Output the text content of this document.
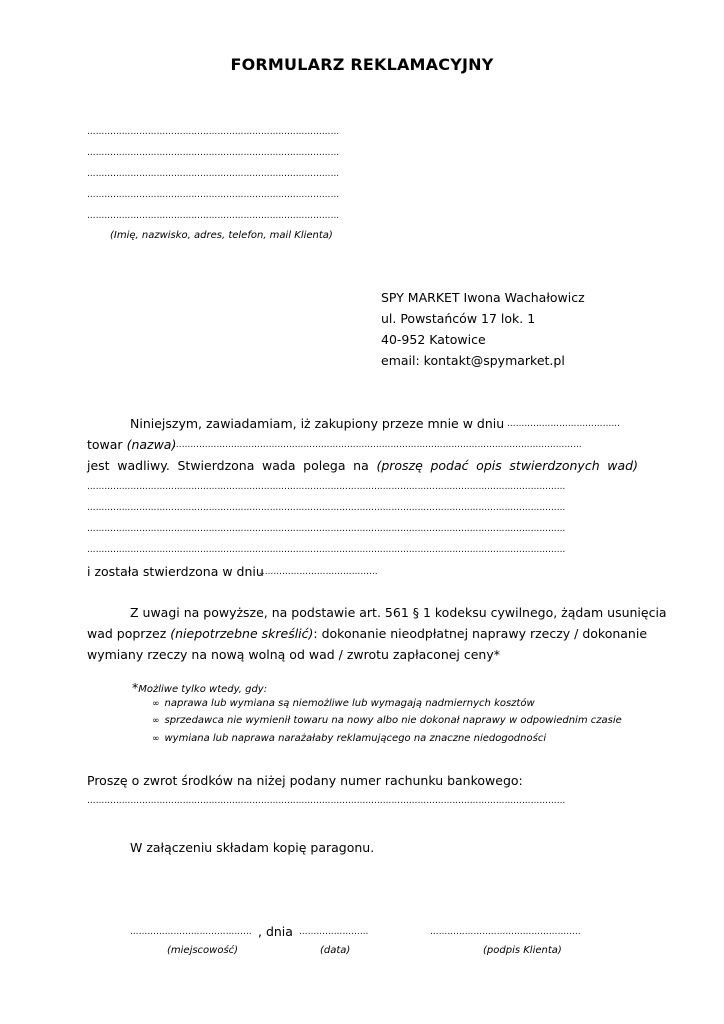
FORMULARZ REKLAMACYJNY
……………………………………………………………………………
……………………………………………………………………………
……………………………………………………………………………
……………………………………………………………………………
……………………………………………………………………………
(Imię, nazwisko, adres, telefon, mail Klienta)
SPY MARKET Iwona Wachałowicz
ul. Powstańców 17 lok. 1
40-952 Katowice
email: kontakt@spymarket.pl
Niniejszym, zawiadamiam, iż zakupiony przeze mnie w dniu …………………………………
towar (nazwa)
……………………………………………………………………………………………………………………………
jest wadliwy. Stwierdzona wada polega na (proszę podać opis stwierdzonych wad)
…………………………………………………………………………………………………………………………………………………
…………………………………………………………………………………………………………………………………………………
…………………………………………………………………………………………………………………………………………………
…………………………………………………………………………………………………………………………………………………
i została stwierdzona w dniu
……………………………………
Z uwagi na powyższe, na podstawie art. 561 § 1 kodeksu cywilnego, żądam usunięcia
wad poprzez (niepotrzebne skreślić): dokonanie nieodpłatnej naprawy rzeczy / dokonanie
wymiany rzeczy na nową wolną od wad / zwrotu zapłaconej ceny*
*Możliwe tylko wtedy, gdy:
∞ naprawa lub wymiana są niemożliwe lub wymagają nadmiernych kosztów
∞ sprzedawca nie wymienił towaru na nowy albo nie dokonał naprawy w odpowiednim czasie
∞ wymiana lub naprawa narażałaby reklamującego na znaczne niedogodności
Proszę o zwrot środków na niżej podany numer rachunku bankowego:
…………………………………………………………………………………………………………………………………………………
W załączeniu składam kopię paragonu.
…………………………………… , dnia ……………………	…………………..………………………..
(miejscowość)	(data)	(podpis Klienta)
